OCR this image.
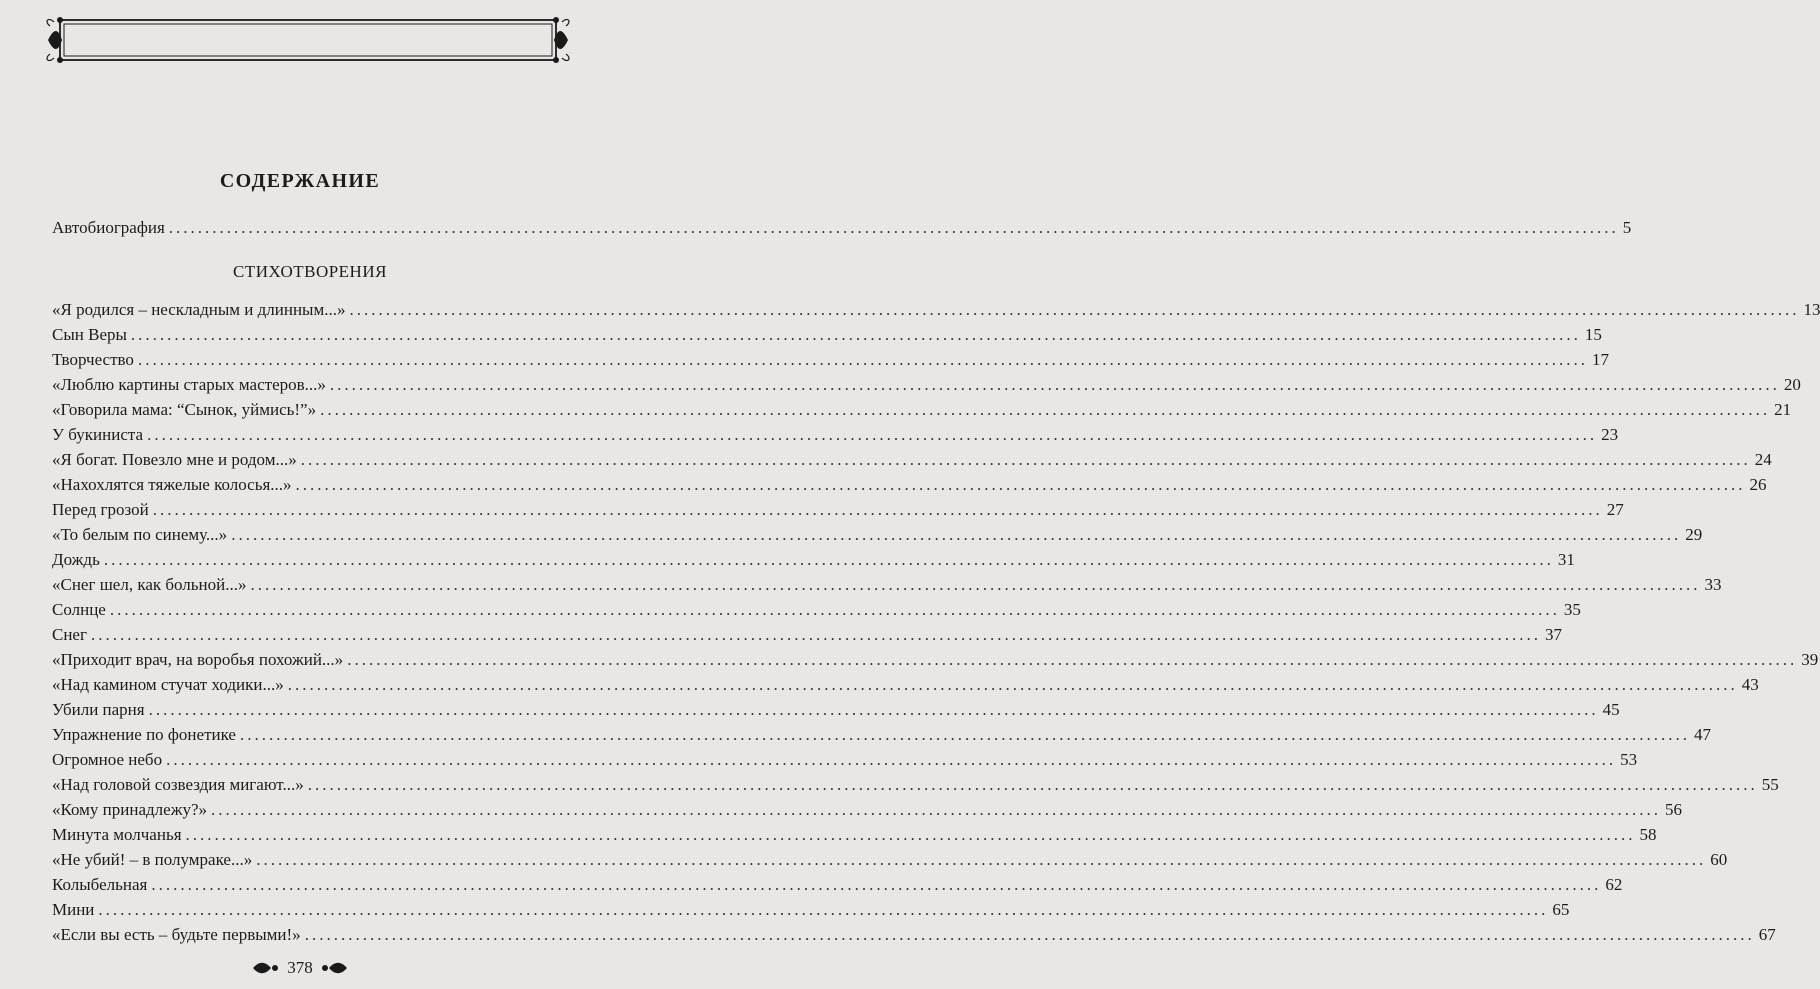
СОДЕРЖАНИЕ
Автобиография ........................................................................................................................................................................................................ 5
СТИХОТВОРЕНИЯ
«Я родился – нескладным и длинным...» ........................................................................................................................................................................................................ 13
Сын Веры ........................................................................................................................................................................................................ 15
Творчество ........................................................................................................................................................................................................ 17
«Люблю картины старых мастеров...» ........................................................................................................................................................................................................ 20
«Говорила мама: “Сынок, уймись!”» ........................................................................................................................................................................................................ 21
У букиниста ........................................................................................................................................................................................................ 23
«Я богат. Повезло мне и родом...» ........................................................................................................................................................................................................ 24
«Нахохлятся тяжелые колосья...» ........................................................................................................................................................................................................ 26
Перед грозой ........................................................................................................................................................................................................ 27
«То белым по синему...» ........................................................................................................................................................................................................ 29
Дождь ........................................................................................................................................................................................................ 31
«Снег шел, как больной...» ........................................................................................................................................................................................................ 33
Солнце ........................................................................................................................................................................................................ 35
Снег ........................................................................................................................................................................................................ 37
«Приходит врач, на воробья похожий...» ........................................................................................................................................................................................................ 39
«Над камином стучат ходики...» ........................................................................................................................................................................................................ 43
Убили парня ........................................................................................................................................................................................................ 45
Упражнение по фонетике ........................................................................................................................................................................................................ 47
Огромное небо ........................................................................................................................................................................................................ 53
«Над головой созвездия мигают...» ........................................................................................................................................................................................................ 55
«Кому принадлежу?» ........................................................................................................................................................................................................ 56
Минута молчанья ........................................................................................................................................................................................................ 58
«Не убий! – в полумраке...» ........................................................................................................................................................................................................ 60
Колыбельная ........................................................................................................................................................................................................ 62
Мини ........................................................................................................................................................................................................ 65
«Если вы есть – будьте первыми!» ........................................................................................................................................................................................................ 67
378
